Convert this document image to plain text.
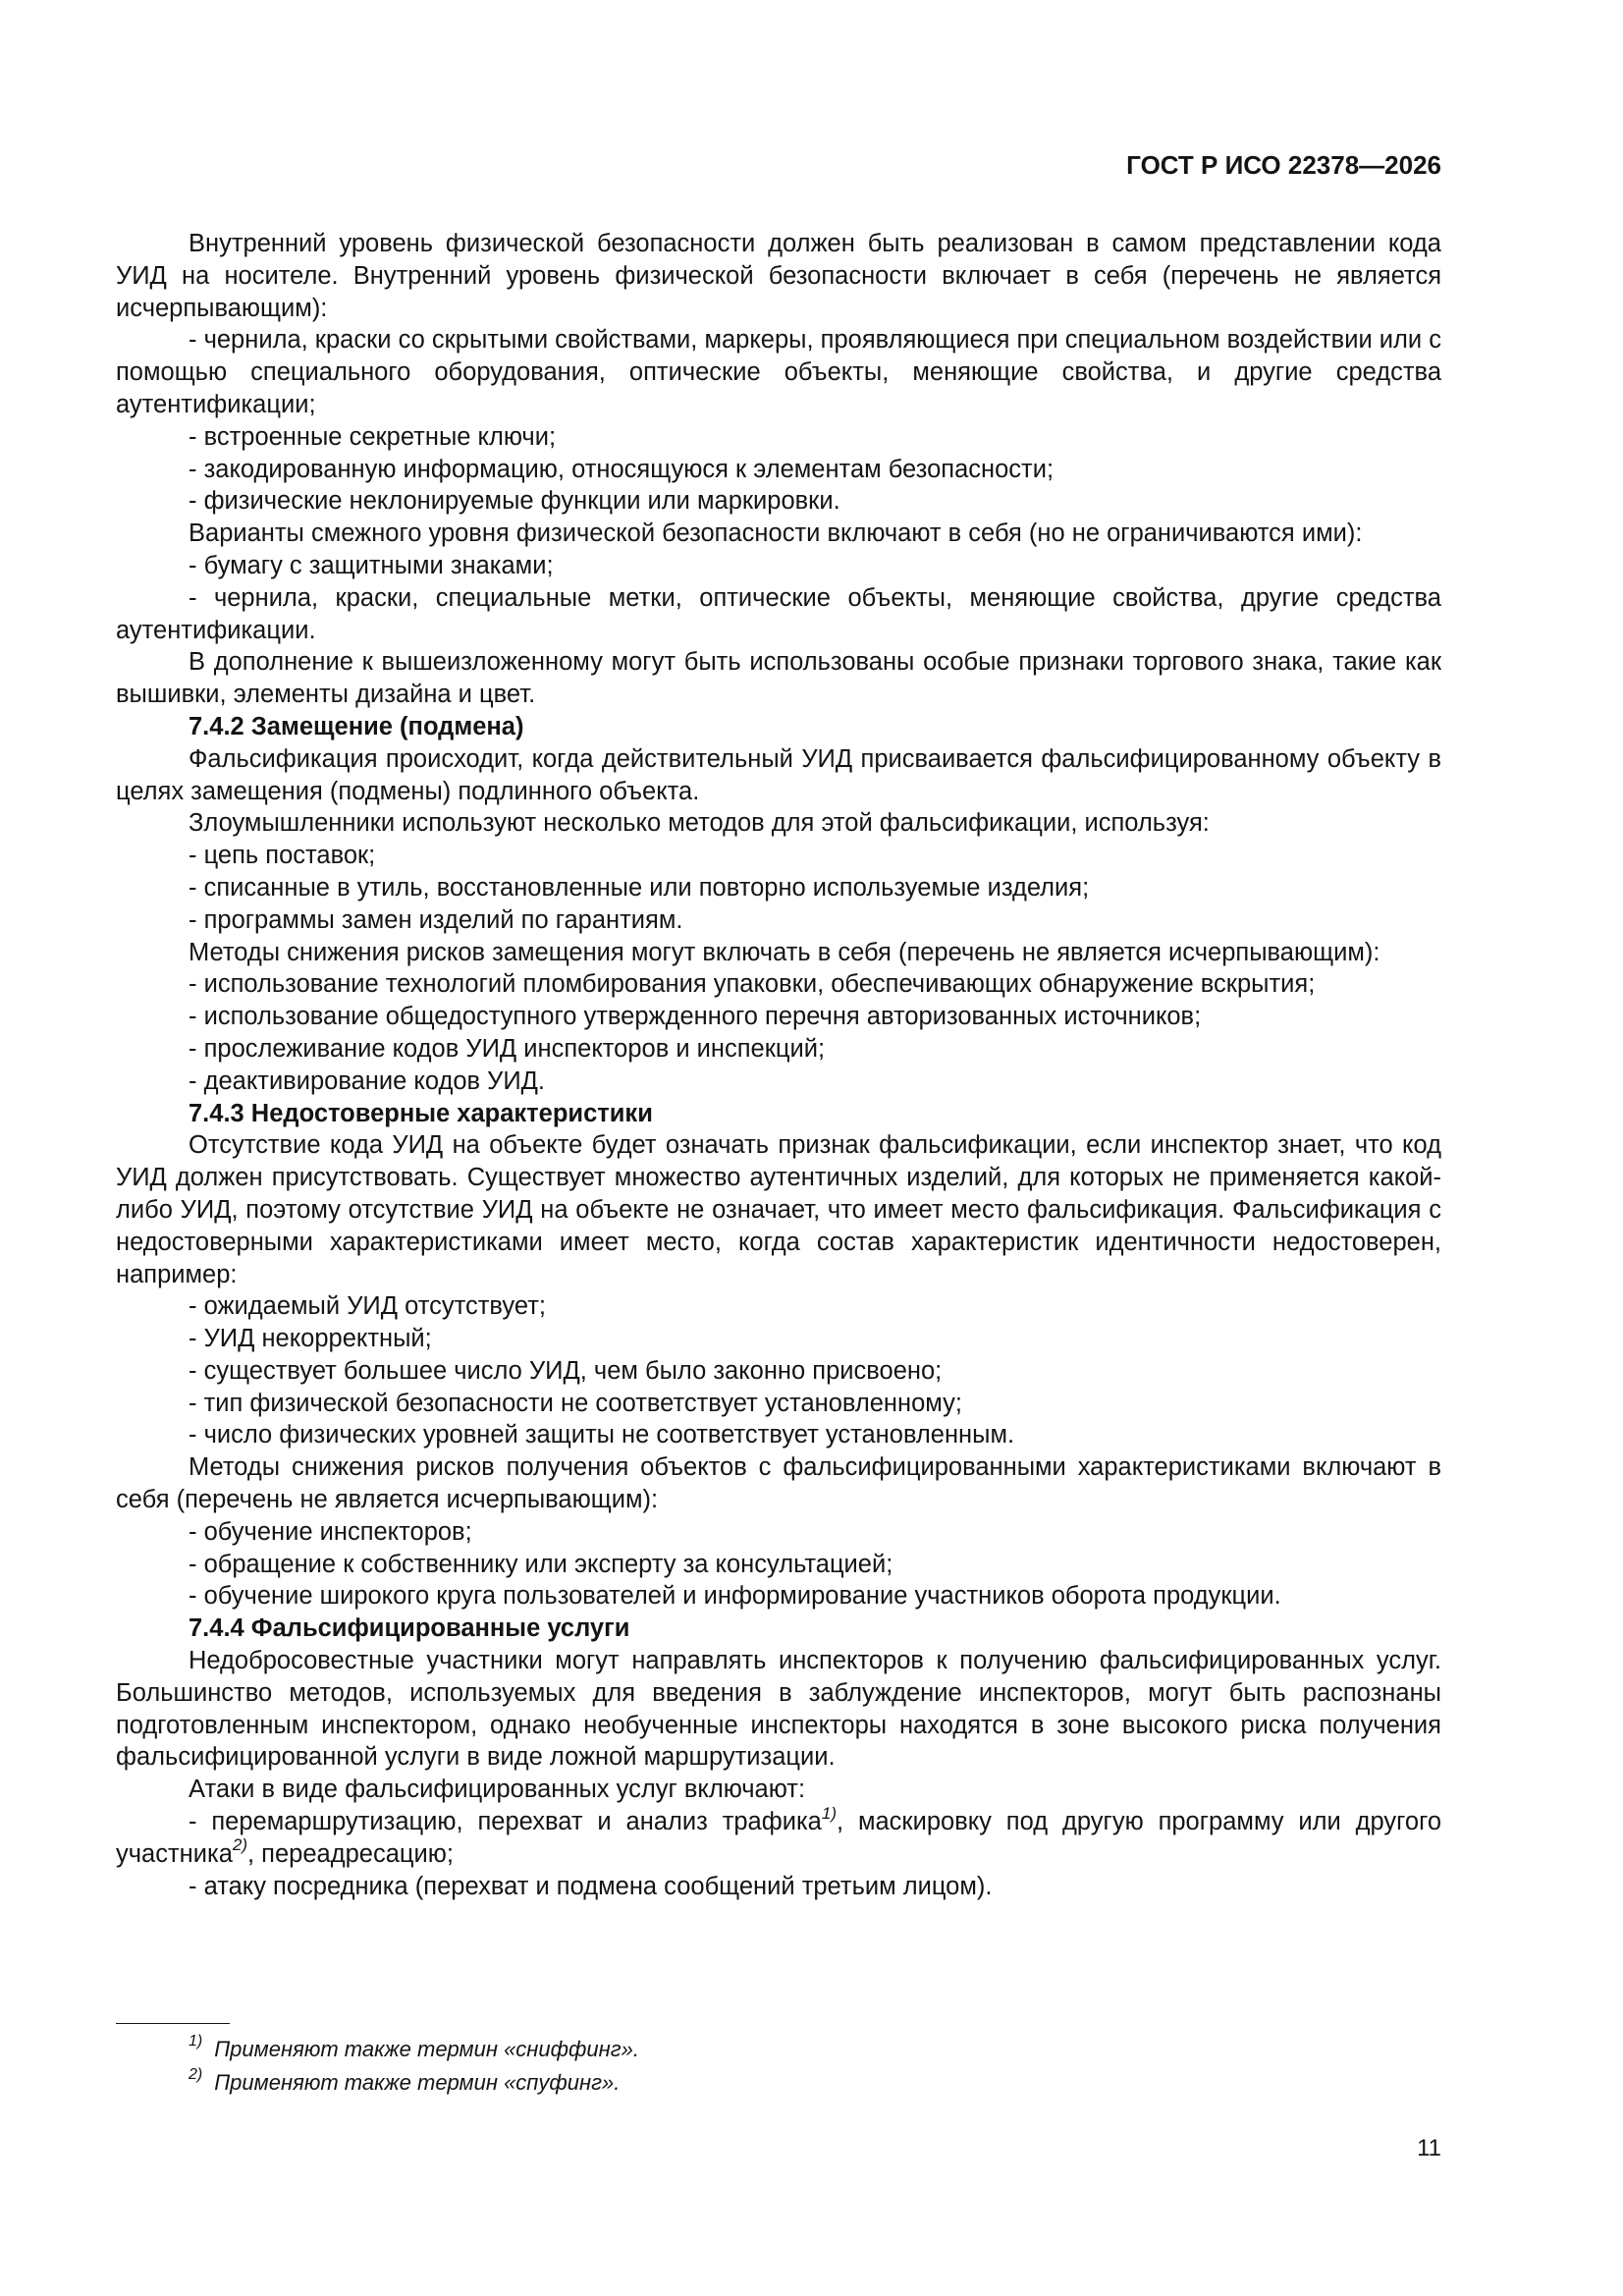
ГОСТ Р ИСО 22378—2026

Внутренний уровень физической безопасности должен быть реализован в самом представлении кода УИД на носителе. Внутренний уровень физической безопасности включает в себя (перечень не является исчерпывающим):

- чернила, краски со скрытыми свойствами, маркеры, проявляющиеся при специальном воздействии или с помощью специального оборудования, оптические объекты, меняющие свойства, и другие средства аутентификации;

- встроенные секретные ключи;

- закодированную информацию, относящуюся к элементам безопасности;

- физические неклонируемые функции или маркировки.

Варианты смежного уровня физической безопасности включают в себя (но не ограничиваются ими):

- бумагу с защитными знаками;

- чернила, краски, специальные метки, оптические объекты, меняющие свойства, другие средства аутентификации.

В дополнение к вышеизложенному могут быть использованы особые признаки торгового знака, такие как вышивки, элементы дизайна и цвет.

7.4.2 Замещение (подмена)

Фальсификация происходит, когда действительный УИД присваивается фальсифицированному объекту в целях замещения (подмены) подлинного объекта.

Злоумышленники используют несколько методов для этой фальсификации, используя:

- цепь поставок;

- списанные в утиль, восстановленные или повторно используемые изделия;

- программы замен изделий по гарантиям.

Методы снижения рисков замещения могут включать в себя (перечень не является исчерпывающим):

- использование технологий пломбирования упаковки, обеспечивающих обнаружение вскрытия;

- использование общедоступного утвержденного перечня авторизованных источников;

- прослеживание кодов УИД инспекторов и инспекций;

- деактивирование кодов УИД.

7.4.3 Недостоверные характеристики

Отсутствие кода УИД на объекте будет означать признак фальсификации, если инспектор знает, что код УИД должен присутствовать. Существует множество аутентичных изделий, для которых не применяется какой-либо УИД, поэтому отсутствие УИД на объекте не означает, что имеет место фальсификация. Фальсификация с недостоверными характеристиками имеет место, когда состав характеристик идентичности недостоверен, например:

- ожидаемый УИД отсутствует;

- УИД некорректный;

- существует большее число УИД, чем было законно присвоено;

- тип физической безопасности не соответствует установленному;

- число физических уровней защиты не соответствует установленным.

Методы снижения рисков получения объектов с фальсифицированными характеристиками включают в себя (перечень не является исчерпывающим):

- обучение инспекторов;

- обращение к собственнику или эксперту за консультацией;

- обучение широкого круга пользователей и информирование участников оборота продукции.

7.4.4 Фальсифицированные услуги

Недобросовестные участники могут направлять инспекторов к получению фальсифицированных услуг. Большинство методов, используемых для введения в заблуждение инспекторов, могут быть распознаны подготовленным инспектором, однако необученные инспекторы находятся в зоне высокого риска получения фальсифицированной услуги в виде ложной маршрутизации.

Атаки в виде фальсифицированных услуг включают:

- перемаршрутизацию, перехват и анализ трафика$^{1)}$, маскировку под другую программу или другого участника$^{2)}$, переадресацию;

- атаку посредника (перехват и подмена сообщений третьим лицом).

$^{1)}$ Применяют также термин «сниффинг».

$^{2)}$ Применяют также термин «спуфинг».

11
